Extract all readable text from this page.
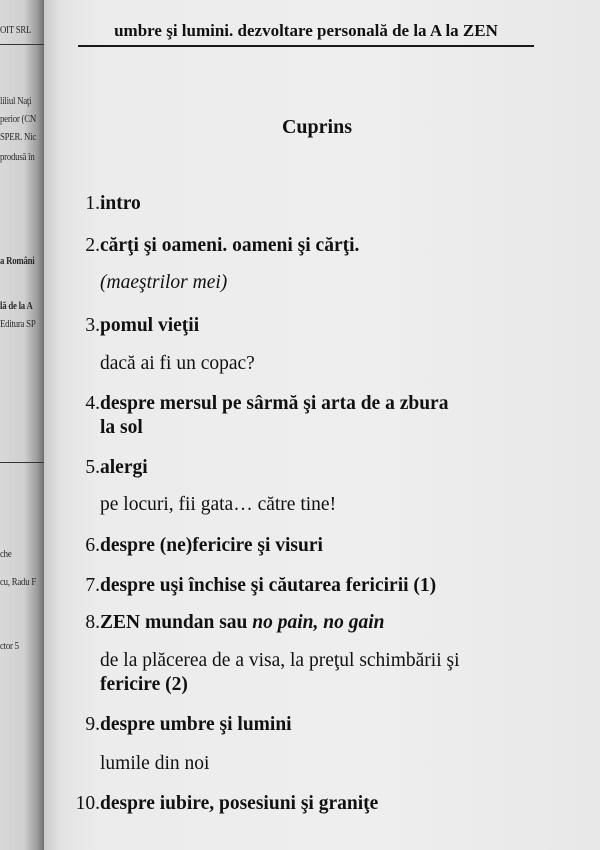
OIT SRL
liliul Naţi
perior (CN
SPER. Nic
produsă în
a Români
lă de la A
Editura SP
che
cu, Radu F
ctor 5
umbre şi lumini. dezvoltare personală de la A la ZEN
Cuprins
1. intro
2. cărţi şi oameni. oameni şi cărţi.
(maeştrilor mei)
3. pomul vieţii
dacă ai fi un copac?
4. despre mersul pe sârmă şi arta de a zbura
la sol
5. alergi
pe locuri, fii gata… către tine!
6. despre (ne)fericire şi visuri
7. despre uşi închise şi căutarea fericirii (1)
8. ZEN mundan sau no pain, no gain
de la plăcerea de a visa, la preţul schimbării şi
fericire (2)
9. despre umbre şi lumini
lumile din noi
10. despre iubire, posesiuni şi graniţe
